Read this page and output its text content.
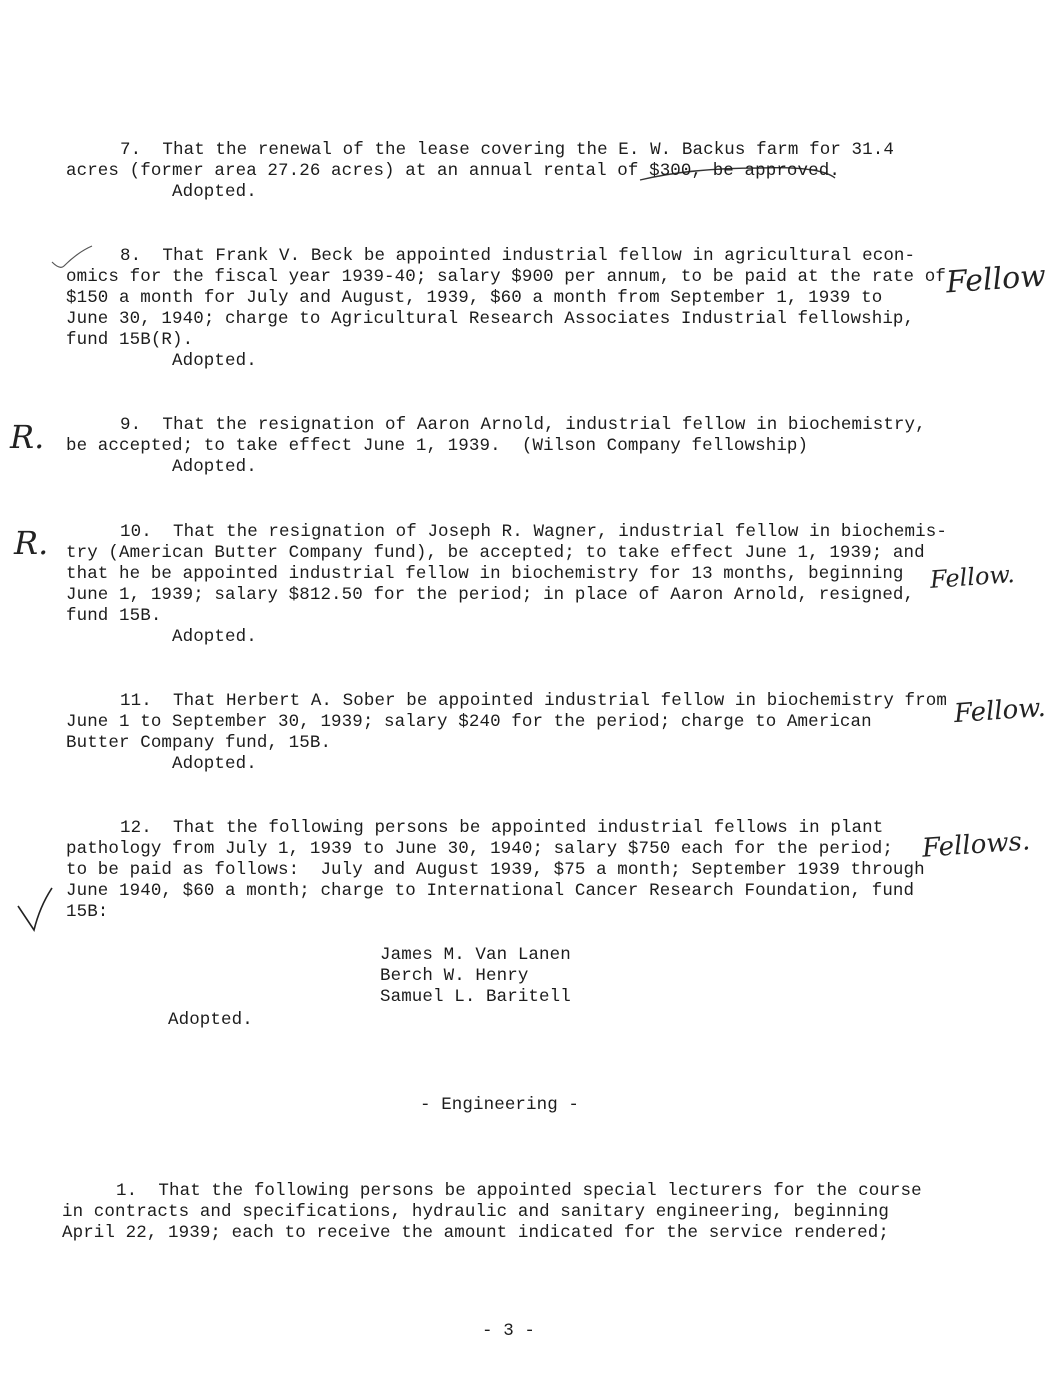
7.  That the renewal of the lease covering the E. W. Backus farm for 31.4
acres (former area 27.26 acres) at an annual rental of $300, be approved.
Adopted.
8.  That Frank V. Beck be appointed industrial fellow in agricultural econ-
omics for the fiscal year 1939-40; salary $900 per annum, to be paid at the rate of
$150 a month for July and August, 1939, $60 a month from September 1, 1939 to
June 30, 1940; charge to Agricultural Research Associates Industrial fellowship,
fund 15B(R).
Adopted.
Fellow
R.	9.  That the resignation of Aaron Arnold, industrial fellow in biochemistry,
be accepted; to take effect June 1, 1939.  (Wilson Company fellowship)
Adopted.
R.	10.  That the resignation of Joseph R. Wagner, industrial fellow in biochemis-
try (American Butter Company fund), be accepted; to take effect June 1, 1939; and
that he be appointed industrial fellow in biochemistry for 13 months, beginning
June 1, 1939; salary $812.50 for the period; in place of Aaron Arnold, resigned,
fund 15B.
Adopted.
Fellow.
11.  That Herbert A. Sober be appointed industrial fellow in biochemistry from
June 1 to September 30, 1939; salary $240 for the period; charge to American
Butter Company fund, 15B.
Adopted.
Fellow.
12.  That the following persons be appointed industrial fellows in plant
pathology from July 1, 1939 to June 30, 1940; salary $750 each for the period;
to be paid as follows:  July and August 1939, $75 a month; September 1939 through
June 1940, $60 a month; charge to International Cancer Research Foundation, fund
15B:
Fellows.
James M. Van Lanen
Berch W. Henry
Samuel L. Baritell
Adopted.
- Engineering -
1.  That the following persons be appointed special lecturers for the course
in contracts and specifications, hydraulic and sanitary engineering, beginning
April 22, 1939; each to receive the amount indicated for the service rendered;
- 3 -
